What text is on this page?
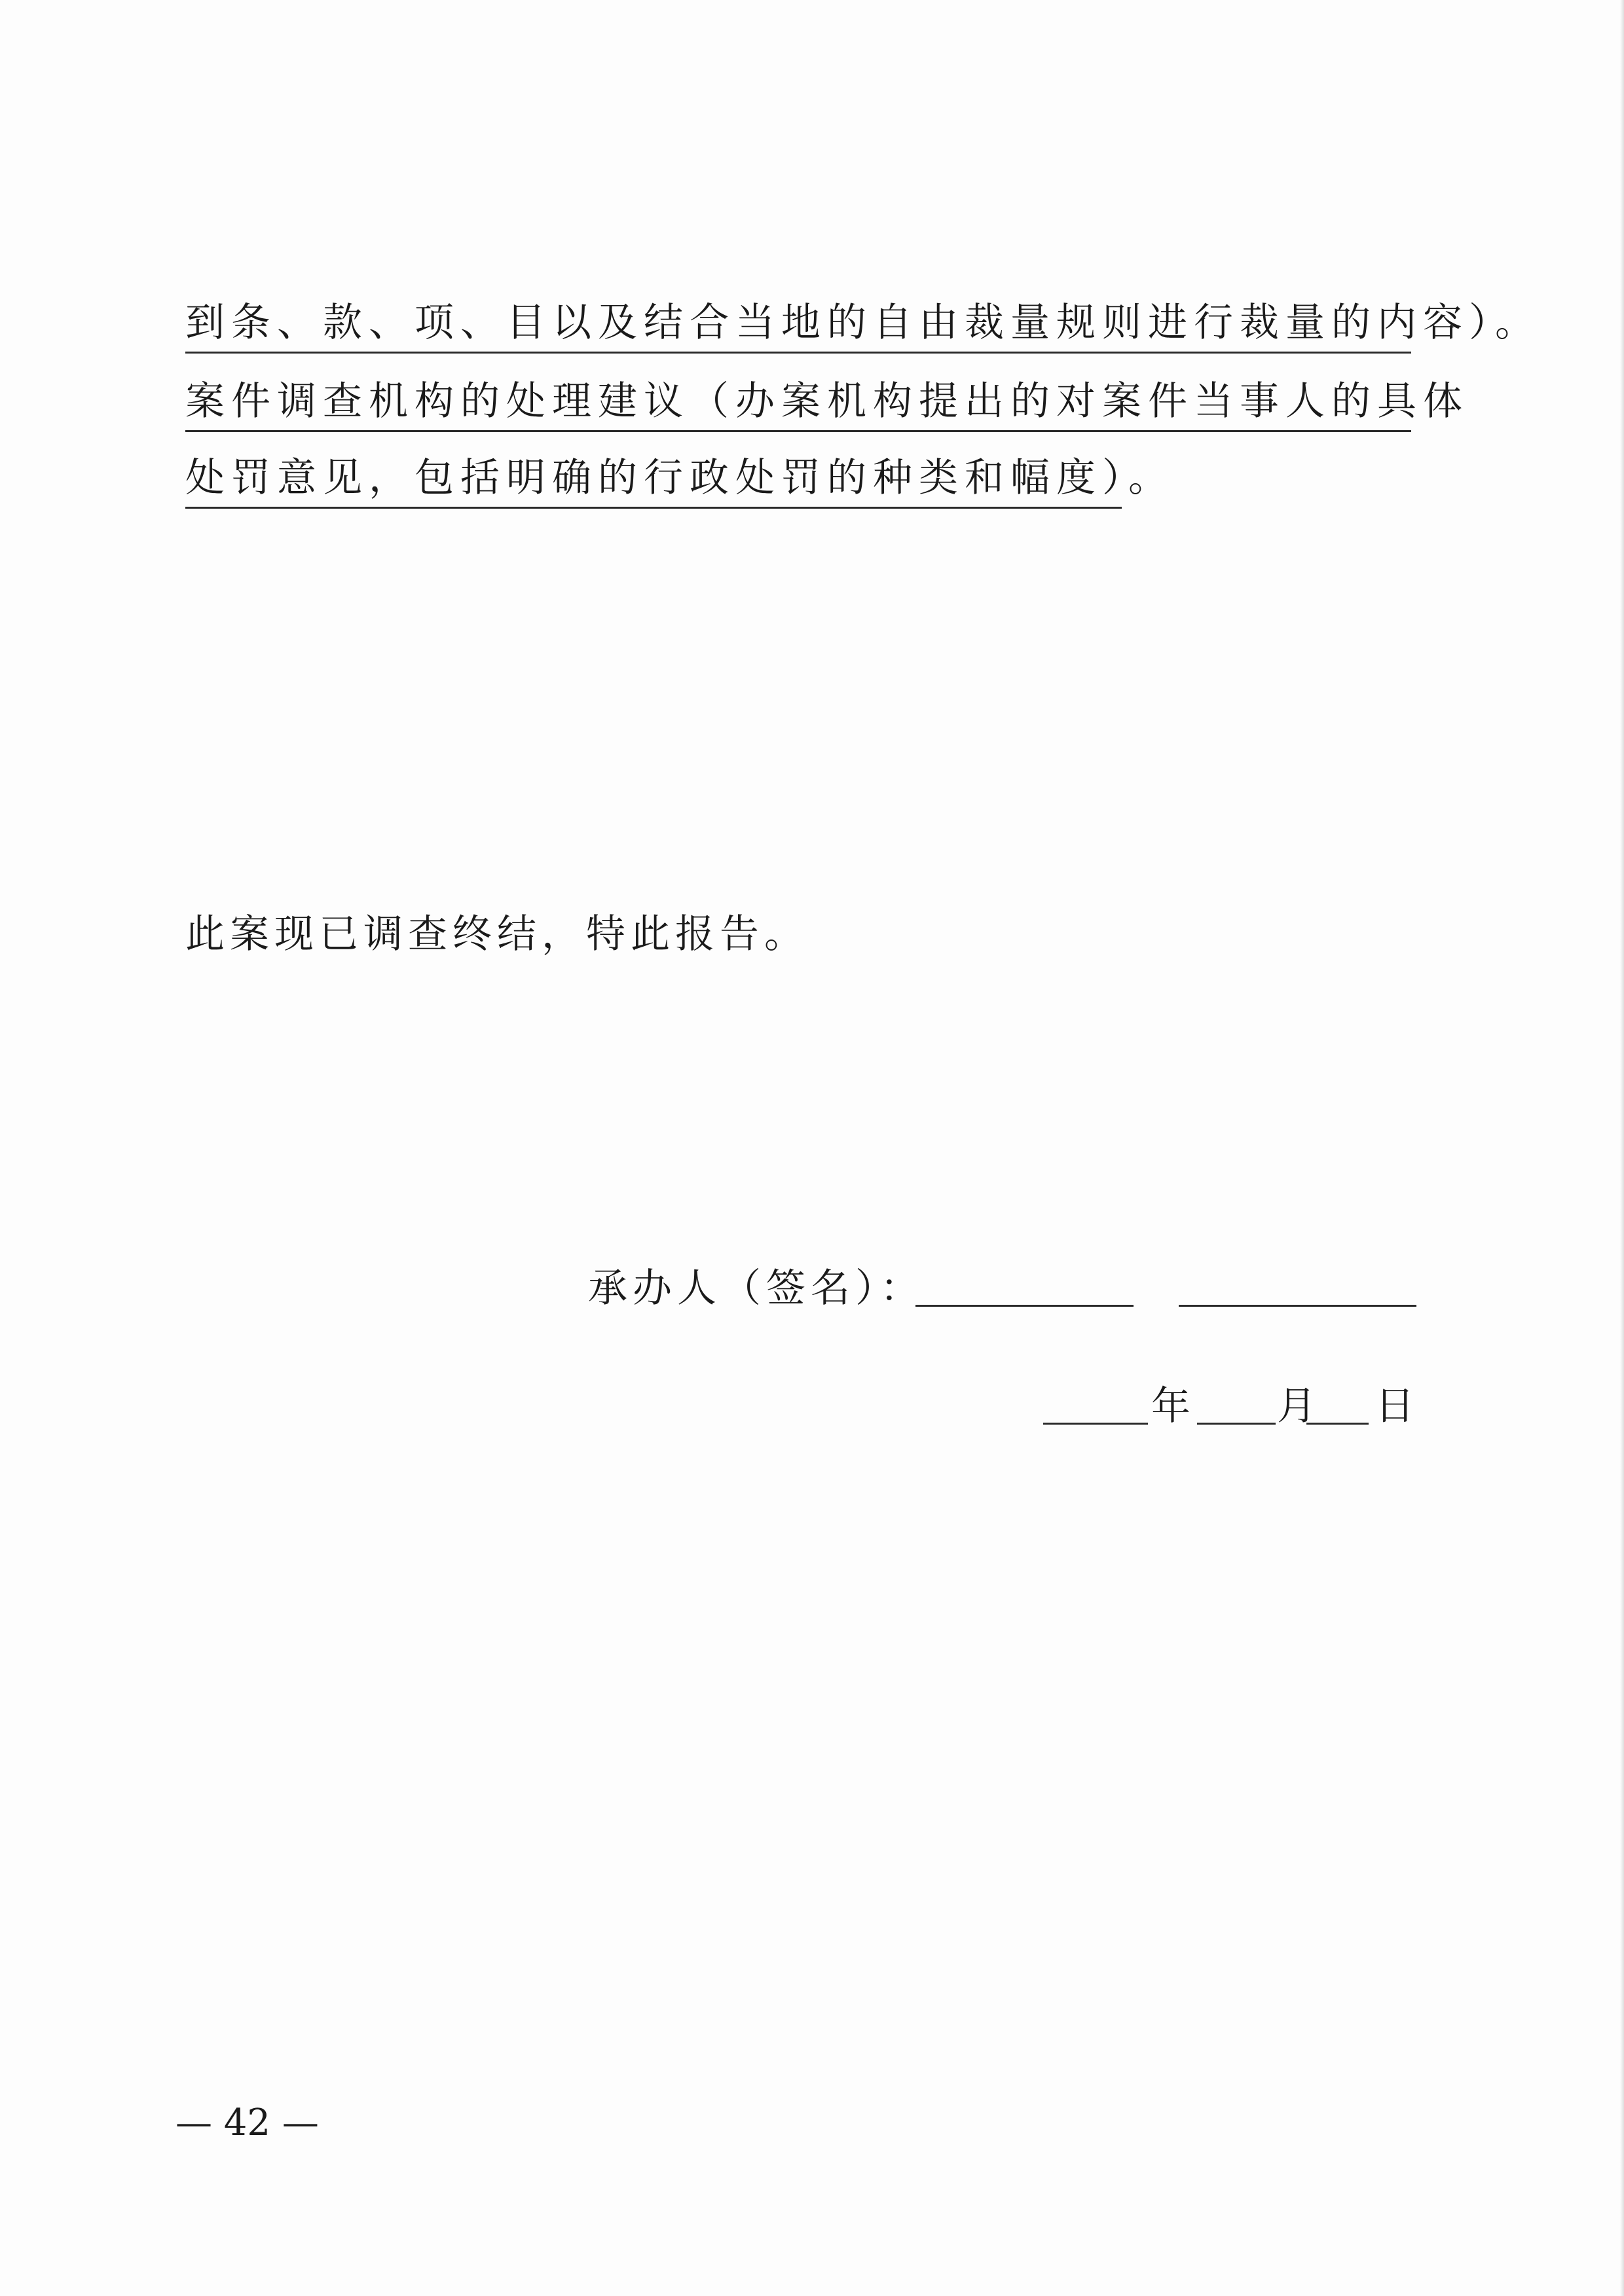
到条、款、项、目以及结合当地的自由裁量规则进行裁量的内容）。
案件调查机构的处理建议（办案机构提出的对案件当事人的具体
处罚意见，包括明确的行政处罚的种类和幅度）。
此案现已调查终结，特此报告。
承办人（签名）：
年 月 日
— 42 —
